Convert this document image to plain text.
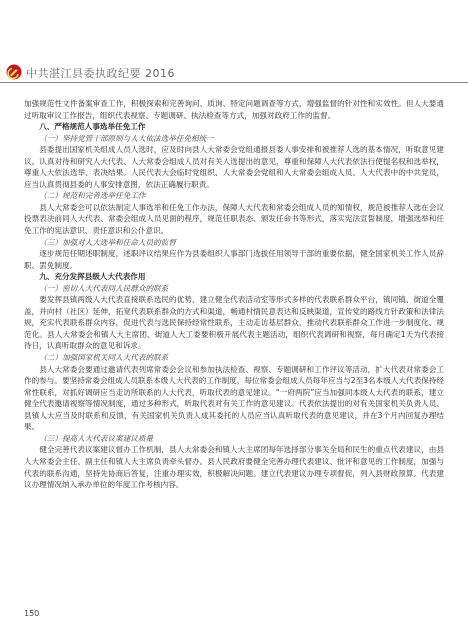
中共湛江县委执政纪要 2016

加强规范性文件备案审查工作，积极探索和完善询问、质询、特定问题调查等方式，增强监督的针对性和实效性。但人大要通过听取审议工作报告，组织代表视察、专题调研、执法检查等方式，加强对政府工作的监督。

八、严格规范人事选举任免工作

（一）坚持党管干部原则与人大依法选举任免相统一

县委提出国家机关组成人员人选时，应及时向县人大常委会党组通报县委人事安排和被推荐人选的基本情况，听取意见建议。认真对待和研究人大代表、人大常委会组成人员对有关人选提出的意见，尊重和保障人大代表依法行使提名权和选举权，尊重人大依法选举、表决结果。人民代表大会临时党组织、人大常委会党组和人大常委会组成人员、人大代表中的中共党员，应当认真贯彻县委的人事安排意图，依法正确履行职责。

（二）规范和完善选举任免工作

县人大常委会可以依法制定人事选举和任免工作办法，保障人大代表和常委会组成人员的知情权，规范被推荐人选在会议投票表决前同人大代表、常委会组成人员见面的程序，规范任职表态、颁发任命书等形式，落实宪法宣誓制度，增强选举和任免工作的宪法意识、责任意识和公仆意识。

（三）加强对人大选举和任命人员的监督

逐步规范任期述职制度，述职评议结果应作为县委组织人事部门选拔任用领导干部的重要依据，健全国家机关工作人员辞职、罢免制度。

九、充分发挥县级人大代表作用

（一）密切人大代表同人民群众的联系

要发挥县镇两级人大代表直接联系选民的优势，建立健全代表活动室等形式多样的代表联系群众平台，镇同镇、街道全覆盖，并向村（社区）延伸，拓宽代表联系群众的方式和渠道，畅通村情民意表达和反映渠道，宣传党的路线方针政策和法律法规，充实代表联系群众内容，促进代表与选民保持经常性联系，主动走访基层群众，推动代表联系群众工作进一步制度化、规范化。县人大常委会和镇人大主席团、街道人大工委要积极开展代表主题活动，组织代表调研和视察，每月确定1天为代表接待日，认真听取群众的意见和诉求。

（二）加强国家机关同人大代表的联系

县人大常委会要通过邀请代表列席常委会会议和参加执法检查、视察、专题调研和工作评议等活动，扩大代表对常委会工作的参与。要坚持常委会组成人员联系本级人大代表的工作制度，每位常委会组成人员每年应当与2至3名本级人大代表保持经常性联系，对抓好调研应当走访所联系的人大代表，听取代表的意见建议。“一府两院”应当加强同本级人大代表的联系，建立健全代表邀请视察等情况制度，通过多种形式，听取代表对有关工作的意见建议。代表依法提出的对有关国家机关负责人员、县镇人大应当及时联系和反馈，有关国家机关负责人成其委托的人员应当认真听取代表的意见建议，并在3个月内回复办理结果。

（三）提高人大代表议案建议质量

健全完善代表议案建议督办工作机制，县人大常委会和镇人大主席团每年选择部分事关全局和民生的重点代表建议，由县人大常委会主任、副主任和镇人大主席负责牵头督办。县人民政府要健全完善办理代表建议、批评和意见的工作制度，加强与代表的联系沟通，坚持先协商后答复，注重办理实效，积极解决问题。建立代表建议办理专项督促，列入县财政预算。代表建议办理情况纳入承办单位的年度工作考核内容。

150
